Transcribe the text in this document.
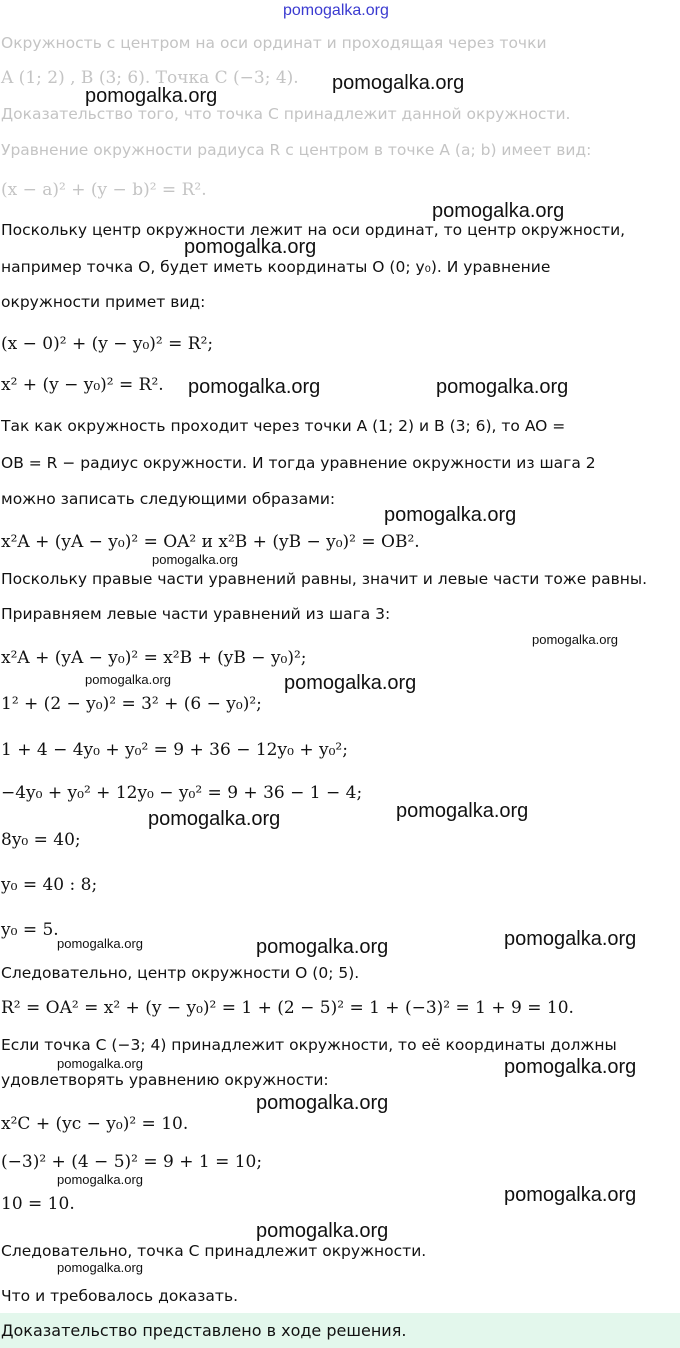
pomogalka.org
Окружность с центром на оси ординат и проходящая через точки
A (1; 2) , B (3; 6). Точка C (−3; 4).
Доказательство того, что точка C принадлежит данной окружности.
Уравнение окружности радиуса R с центром в точке A (a; b) имеет вид:
(x − a)² + (y − b)² = R².
Поскольку центр окружности лежит на оси ординат, то центр окружности,
например точка O, будет иметь координаты O (0; y₀). И уравнение
окружности примет вид:
(x − 0)² + (y − y₀)² = R²;
x² + (y − y₀)² = R².
Так как окружность проходит через точки A (1; 2) и B (3; 6), то AO =
OB = R − радиус окружности. И тогда уравнение окружности из шага 2
можно записать следующими образами:
x²A + (yA − y₀)² = OA² и x²B + (yB − y₀)² = OB².
Поскольку правые части уравнений равны, значит и левые части тоже равны.
Приравняем левые части уравнений из шага 3:
x²A + (yA − y₀)² = x²B + (yB − y₀)²;
1² + (2 − y₀)² = 3² + (6 − y₀)²;
1 + 4 − 4y₀ + y₀² = 9 + 36 − 12y₀ + y₀²;
−4y₀ + y₀² + 12y₀ − y₀² = 9 + 36 − 1 − 4;
8y₀ = 40;
y₀ = 40 : 8;
y₀ = 5.
Следовательно, центр окружности O (0; 5).
R² = OA² = x² + (y − y₀)² = 1 + (2 − 5)² = 1 + (−3)² = 1 + 9 = 10.
Если точка C (−3; 4) принадлежит окружности, то её координаты должны
удовлетворять уравнению окружности:
x²C + (yc − y₀)² = 10.
(−3)² + (4 − 5)² = 9 + 1 = 10;
10 = 10.
Следовательно, точка C принадлежит окружности.
Что и требовалось доказать.
Доказательство представлено в ходе решения.
pomogalka.org
pomogalka.org
pomogalka.org
pomogalka.org
pomogalka.org	pomogalka.org
pomogalka.org
pomogalka.org
pomogalka.org
pomogalka.org	pomogalka.org
pomogalka.org
pomogalka.org
pomogalka.org	pomogalka.org	pomogalka.org
pomogalka.org	pomogalka.org
pomogalka.org
pomogalka.org
pomogalka.org
pomogalka.org
pomogalka.org
